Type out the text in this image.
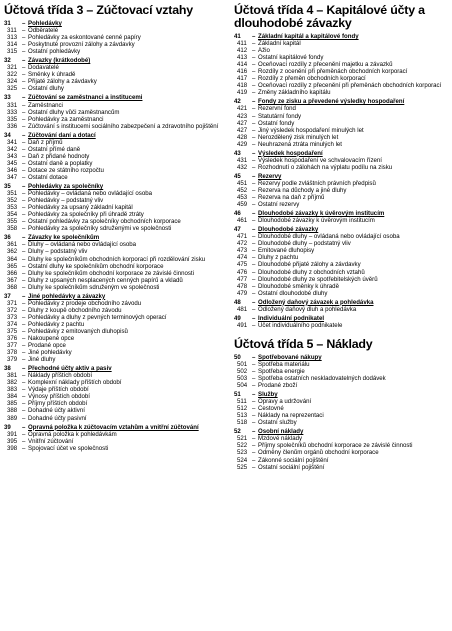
Účtová třída 3 – Zúčtovací vztahy
31	– Pohledávky
311 – Odběratelé
313 – Pohledávky za eskontované cenné papíry
314 – Poskytnuté provozní zálohy a závdavky
315 – Ostatní pohledávky
32	– Závazky (krátkodobé)
321 – Dodavatelé
322 – Směnky k úhradě
324 – Přijaté zálohy a závdavky
325 – Ostatní dluhy
33	– Zúčtování se zaměstnanci a institucemi
331 – Zaměstnanci
333 – Ostatní dluhy vůči zaměstnancům
335 – Pohledávky za zaměstnanci
336 – Zúčtování s institucemi sociálního zabezpečení a zdravotního pojištění
34	– Zúčtování daní a dotací
341 – Daň z příjmů
342 – Ostatní přímé daně
343 – Daň z přidané hodnoty
345 – Ostatní daně a poplatky
346 – Dotace ze státního rozpočtu
347 – Ostatní dotace
35	– Pohledávky za společníky
351 – Pohledávky – ovládaná nebo ovládající osoba
352 – Pohledávky – podstatný vliv
353 – Pohledávky za upsaný základní kapitál
354 – Pohledávky za společníky při úhradě ztráty
355 – Ostatní pohledávky za společníky obchodních korporace
358 – Pohledávky za společníky sdruženými ve společnosti
36	– Závazky ke společníkům
361 – Dluhy – ovládaná nebo ovládající osoba
362 – Dluhy – podstatný vliv
364 – Dluhy ke společníkům obchodních korporací při rozdělování zisku
365 – Ostatní dluhy ke společníkům obchodní korporace
366 – Dluhy ke společníkům obchodní korporace ze závislé činnosti
367 – Dluhy z upsaných nesplacených cenných papírů a vkladů
368 – Dluhy ke společníkům sdruženým ve společnosti
37	– Jiné pohledávky a závazky
371 – Pohledávky z prodeje obchodního závodu
372 – Dluhy z koupě obchodního závodu
373 – Pohledávky a dluhy z pevných terminových operací
374 – Pohledávky z pachtu
375 – Pohledávky z emitovaných dluhopisů
376 – Nakoupené opce
377 – Prodané opce
378 – Jiné pohledávky
379 – Jiné dluhy
38	– Přechodné účty aktiv a pasiv
381 – Náklady příštích období
382 – Komplexní náklady příštích období
383 – Výdaje příštích období
384 – Výnosy příštích období
385 – Příjmy příštích období
388 – Dohadné účty aktivní
389 – Dohadné účty pasivní
39	– Opravná položka k zúčtovacím vztahům a vnitřní zúčtování
391 – Opravná položka k pohledávkám
395 – Vnitřní zúčtování
398 – Spojovací účet ve společnosti
Účtová třída 4 – Kapitálové účty a dlouhodobé závazky
41	– Základní kapitál a kapitálové fondy
411 – Základní kapitál
412 – Ážio
413 – Ostatní kapitálové fondy
414 – Oceňovací rozdíly z přecenění majetku a závazků
416 – Rozdíly z ocenění při přeměnách obchodních korporací
417 – Rozdíly z přeměn obchodních korporací
418 – Oceňovací rozdíly z přecenění při přeměnách obchodních korporací
419 – Změny základního kapitálu
42	– Fondy ze zisku a převedené výsledky hospodaření
421 – Rezervní fond
423 – Statutární fondy
427 – Ostatní fondy
427 – Jiný výsledek hospodaření minulých let
428 – Nerozdělený zisk minulých let
429 – Neuhrazená ztráta minulých let
43	– Výsledek hospodaření
431 – Výsledek hospodaření ve schvalovacím řízení
432 – Rozhodnutí o zálohách na výplatu podílu na zisku
45	– Rezervy
451 – Rezervy podle zvláštních právních předpisů
452 – Rezerva na důchody a jiné dluhy
453 – Rezerva na daň z příjmů
459 – Ostatní rezervy
46	– Dlouhodobé závazky k úvěrovým institucím
461 – Dlouhodobé závazky k úvěrovým institucím
47	– Dlouhodobé závazky
471 – Dlouhodobé dluhy – ovládaná nebo ovládající osoba
472 – Dlouhodobé dluhy – podstatný vliv
473 – Emitované dluhopisy
474 – Dluhy z pachtu
475 – Dlouhodobé přijaté zálohy a závdavky
476 – Dlouhodobé dluhy z obchodních vztahů
477 – Dlouhodobé dluhy ze spotřebitelských úvěrů
478 – Dlouhodobé směnky k úhradě
479 – Ostatní dlouhodobé dluhy
48	– Odložený daňový závazek a pohledávka
481 – Odložený daňový dluh a pohledávka
49	– Individuální podnikatel
491 – Účet individuálního podnikatele
Účtová třída 5 – Náklady
50	– Spotřebované nákupy
501 – Spotřeba materiálu
502 – Spotřeba energie
503 – Spotřeba ostatních neskladovatelných dodávek
504 – Prodané zboží
51	– Služby
511 – Opravy a udržování
512 – Cestovné
513 – Náklady na reprezentaci
518 – Ostatní služby
52	– Osobní náklady
521 – Mzdové náklady
522 – Příjmy společníků obchodní korporace ze závislé činnosti
523 – Odměny členům orgánů obchodní korporace
524 – Zákonné sociální pojištění
525 – Ostatní sociální pojištění
